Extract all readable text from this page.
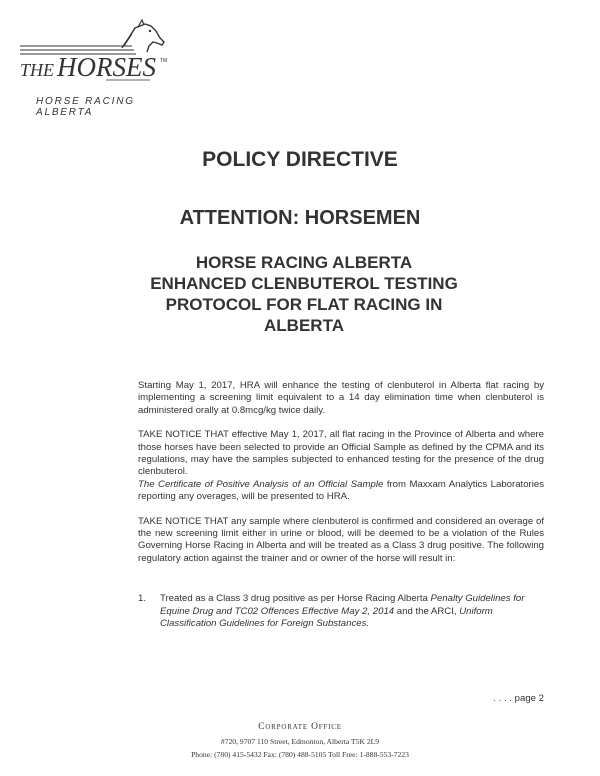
THE HORSES TM
HORSE RACING ALBERTA
POLICY DIRECTIVE
ATTENTION: HORSEMEN
HORSE RACING ALBERTA
ENHANCED CLENBUTEROL TESTING
PROTOCOL FOR FLAT RACING IN
ALBERTA

Starting May 1, 2017, HRA will enhance the testing of clenbuterol in Alberta flat racing by implementing a screening limit equivalent to a 14 day elimination time when clenbuterol is administered orally at 0.8mcg/kg twice daily.

TAKE NOTICE THAT effective May 1, 2017, all flat racing in the Province of Alberta and where those horses have been selected to provide an Official Sample as defined by the CPMA and its regulations, may have the samples subjected to enhanced testing for the presence of the drug clenbuterol.

The Certificate of Positive Analysis of an Official Sample from Maxxam Analytics Laboratories reporting any overages, will be presented to HRA.

TAKE NOTICE THAT any sample where clenbuterol is confirmed and considered an overage of the new screening limit either in urine or blood, will be deemed to be a violation of the Rules Governing Horse Racing in Alberta and will be treated as a Class 3 drug positive. The following regulatory action against the trainer and or owner of the horse will result in:

1.	Treated as a Class 3 drug positive as per Horse Racing Alberta Penalty Guidelines for Equine Drug and TC02 Offences Effective May 2, 2014 and the ARCI, Uniform Classification Guidelines for Foreign Substances.
. . . . page 2
Corporate Office
#720, 9707 110 Street, Edmonton, Alberta T5K 2L9
Phone: (780) 415-5432 Fax: (780) 488-5105 Toll Free: 1-888-553-7223
